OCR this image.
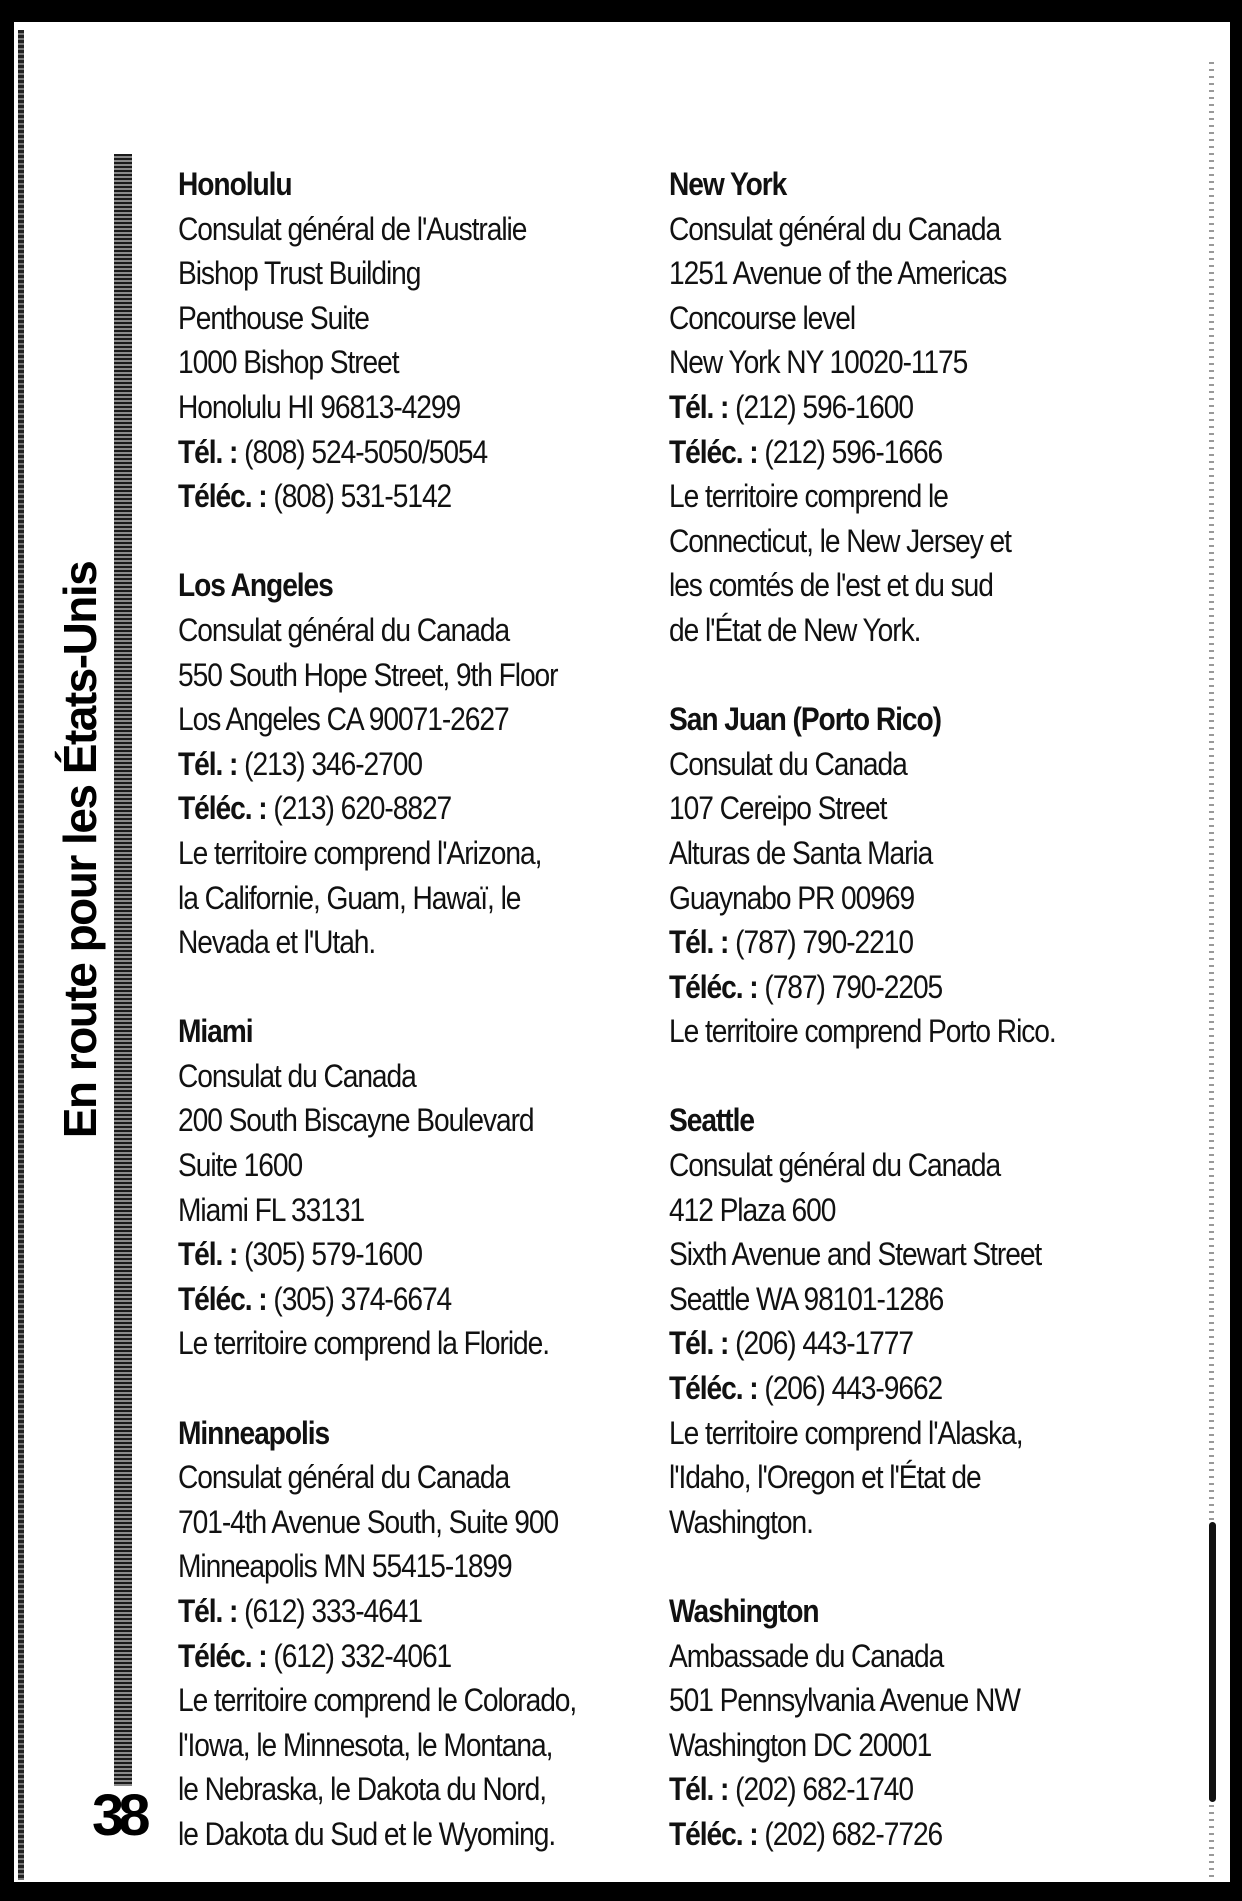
En route pour les États-Unis
38
Honolulu
Consulat général de l'Australie
Bishop Trust Building
Penthouse Suite
1000 Bishop Street
Honolulu HI 96813-4299
Tél. : (808) 524-5050/5054
Téléc. : (808) 531-5142
Los Angeles
Consulat général du Canada
550 South Hope Street, 9th Floor
Los Angeles CA 90071-2627
Tél. : (213) 346-2700
Téléc. : (213) 620-8827
Le territoire comprend l'Arizona,
la Californie, Guam, Hawaï, le
Nevada et l'Utah.
Miami
Consulat du Canada
200 South Biscayne Boulevard
Suite 1600
Miami FL 33131
Tél. : (305) 579-1600
Téléc. : (305) 374-6674
Le territoire comprend la Floride.
Minneapolis
Consulat général du Canada
701-4th Avenue South, Suite 900
Minneapolis MN 55415-1899
Tél. : (612) 333-4641
Téléc. : (612) 332-4061
Le territoire comprend le Colorado,
l'Iowa, le Minnesota, le Montana,
le Nebraska, le Dakota du Nord,
le Dakota du Sud et le Wyoming.
New York
Consulat général du Canada
1251 Avenue of the Americas
Concourse level
New York NY 10020-1175
Tél. : (212) 596-1600
Téléc. : (212) 596-1666
Le territoire comprend le
Connecticut, le New Jersey et
les comtés de l'est et du sud
de l'État de New York.
San Juan (Porto Rico)
Consulat du Canada
107 Cereipo Street
Alturas de Santa Maria
Guaynabo PR 00969
Tél. : (787) 790-2210
Téléc. : (787) 790-2205
Le territoire comprend Porto Rico.
Seattle
Consulat général du Canada
412 Plaza 600
Sixth Avenue and Stewart Street
Seattle WA 98101-1286
Tél. : (206) 443-1777
Téléc. : (206) 443-9662
Le territoire comprend l'Alaska,
l'Idaho, l'Oregon et l'État de
Washington.
Washington
Ambassade du Canada
501 Pennsylvania Avenue NW
Washington DC 20001
Tél. : (202) 682-1740
Téléc. : (202) 682-7726
